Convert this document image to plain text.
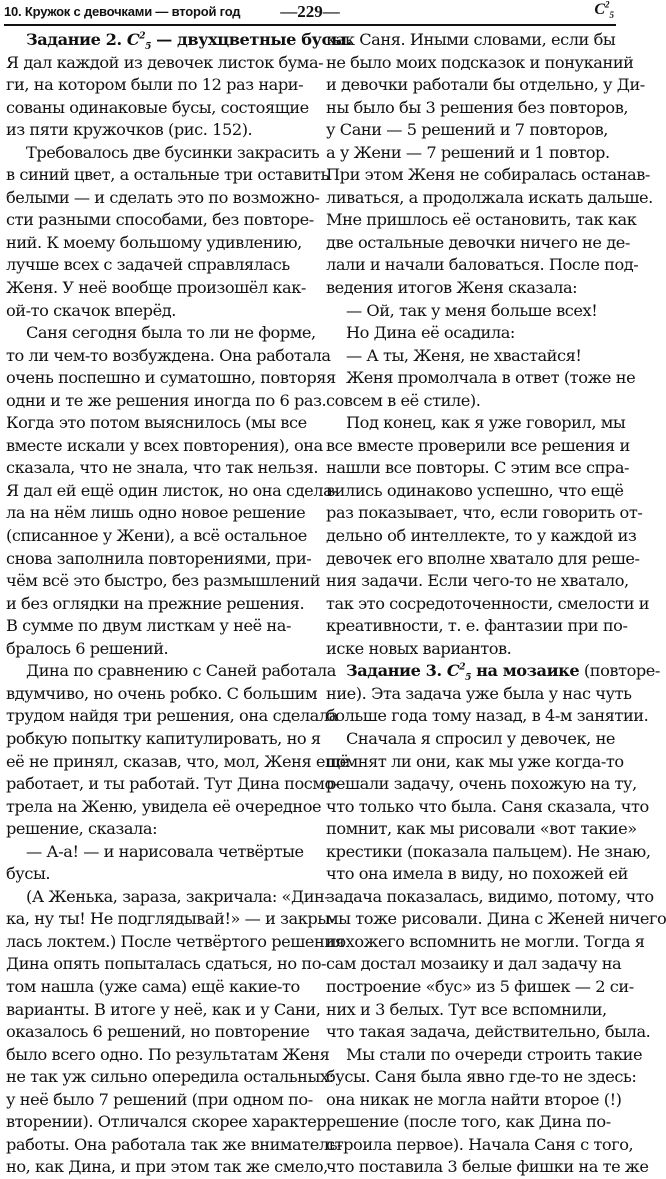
10. Кружок с девочками — второй год	—229—	$C^2_5$
Задание 2. $C^2_5$ — двухцветные бусы.
Я дал каждой из девочек листок бума-
ги, на котором были по 12 раз нари-
сованы одинаковые бусы, состоящие
из пяти кружочков (рис. 152).
Требовалось две бусинки закрасить
в синий цвет, а остальные три оставить
белыми — и сделать это по возможно-
сти разными способами, без повторе-
ний. К моему большому удивлению,
лучше всех с задачей справлялась
Женя. У неё вообще произошёл как-
ой-то скачок вперёд.
Саня сегодня была то ли не форме,
то ли чем-то возбуждена. Она работала
очень поспешно и суматошно, повторяя
одни и те же решения иногда по 6 раз.
Когда это потом выяснилось (мы все
вместе искали у всех повторения), она
сказала, что не знала, что так нельзя.
Я дал ей ещё один листок, но она сдела-
ла на нём лишь одно новое решение
(списанное у Жени), а всё остальное
снова заполнила повторениями, при-
чём всё это быстро, без размышлений
и без оглядки на прежние решения.
В сумме по двум листкам у неё на-
бралось 6 решений.
Дина по сравнению с Саней работала
вдумчиво, но очень робко. С большим
трудом найдя три решения, она сделала
робкую попытку капитулировать, но я
её не принял, сказав, что, мол, Женя ещё
работает, и ты работай. Тут Дина посмо-
трела на Женю, увидела её очередное
решение, сказала:
— А-а! — и нарисовала четвёртые
бусы.
(А Женька, зараза, закричала: «Дин-
ка, ну ты! Не подглядывай!» — и закры-
лась локтем.) После четвёртого решения
Дина опять попыталась сдаться, но по-
том нашла (уже сама) ещё какие-то
варианты. В итоге у неё, как и у Сани,
оказалось 6 решений, но повторение
было всего одно. По результатам Женя
не так уж сильно опередила остальных:
у неё было 7 решений (при одном по-
вторении). Отличался скорее характер
работы. Она работала так же вниматель-
но, как Дина, и при этом так же смело,
как Саня. Иными словами, если бы
не было моих подсказок и понуканий
и девочки работали бы отдельно, у Ди-
ны было бы 3 решения без повторов,
у Сани — 5 решений и 7 повторов,
а у Жени — 7 решений и 1 повтор.
При этом Женя не собиралась останав-
ливаться, а продолжала искать дальше.
Мне пришлось её остановить, так как
две остальные девочки ничего не де-
лали и начали баловаться. После под-
ведения итогов Женя сказала:
— Ой, так у меня больше всех!
Но Дина её осадила:
— А ты, Женя, не хвастайся!
Женя промолчала в ответ (тоже не
совсем в её стиле).
Под конец, как я уже говорил, мы
все вместе проверили все решения и
нашли все повторы. С этим все спра-
вились одинаково успешно, что ещё
раз показывает, что, если говорить от-
дельно об интеллекте, то у каждой из
девочек его вполне хватало для реше-
ния задачи. Если чего-то не хватало,
так это сосредоточенности, смелости и
креативности, т. е. фантазии при по-
иске новых вариантов.
Задание 3. $C^2_5$ на мозаике (повторе-
ние). Эта задача уже была у нас чуть
больше года тому назад, в 4-м занятии.
Сначала я спросил у девочек, не
помнят ли они, как мы уже когда-то
решали задачу, очень похожую на ту,
что только что была. Саня сказала, что
помнит, как мы рисовали «вот такие»
крестики (показала пальцем). Не знаю,
что она имела в виду, но похожей ей
задача показалась, видимо, потому, что
мы тоже рисовали. Дина с Женей ничего
похожего вспомнить не могли. Тогда я
сам достал мозаику и дал задачу на
построение «бус» из 5 фишек — 2 си-
них и 3 белых. Тут все вспомнили,
что такая задача, действительно, была.
Мы стали по очереди строить такие
бусы. Саня была явно где-то не здесь:
она никак не могла найти второе (!)
решение (после того, как Дина по-
строила первое). Начала Саня с того,
что поставила 3 белые фишки на те же
